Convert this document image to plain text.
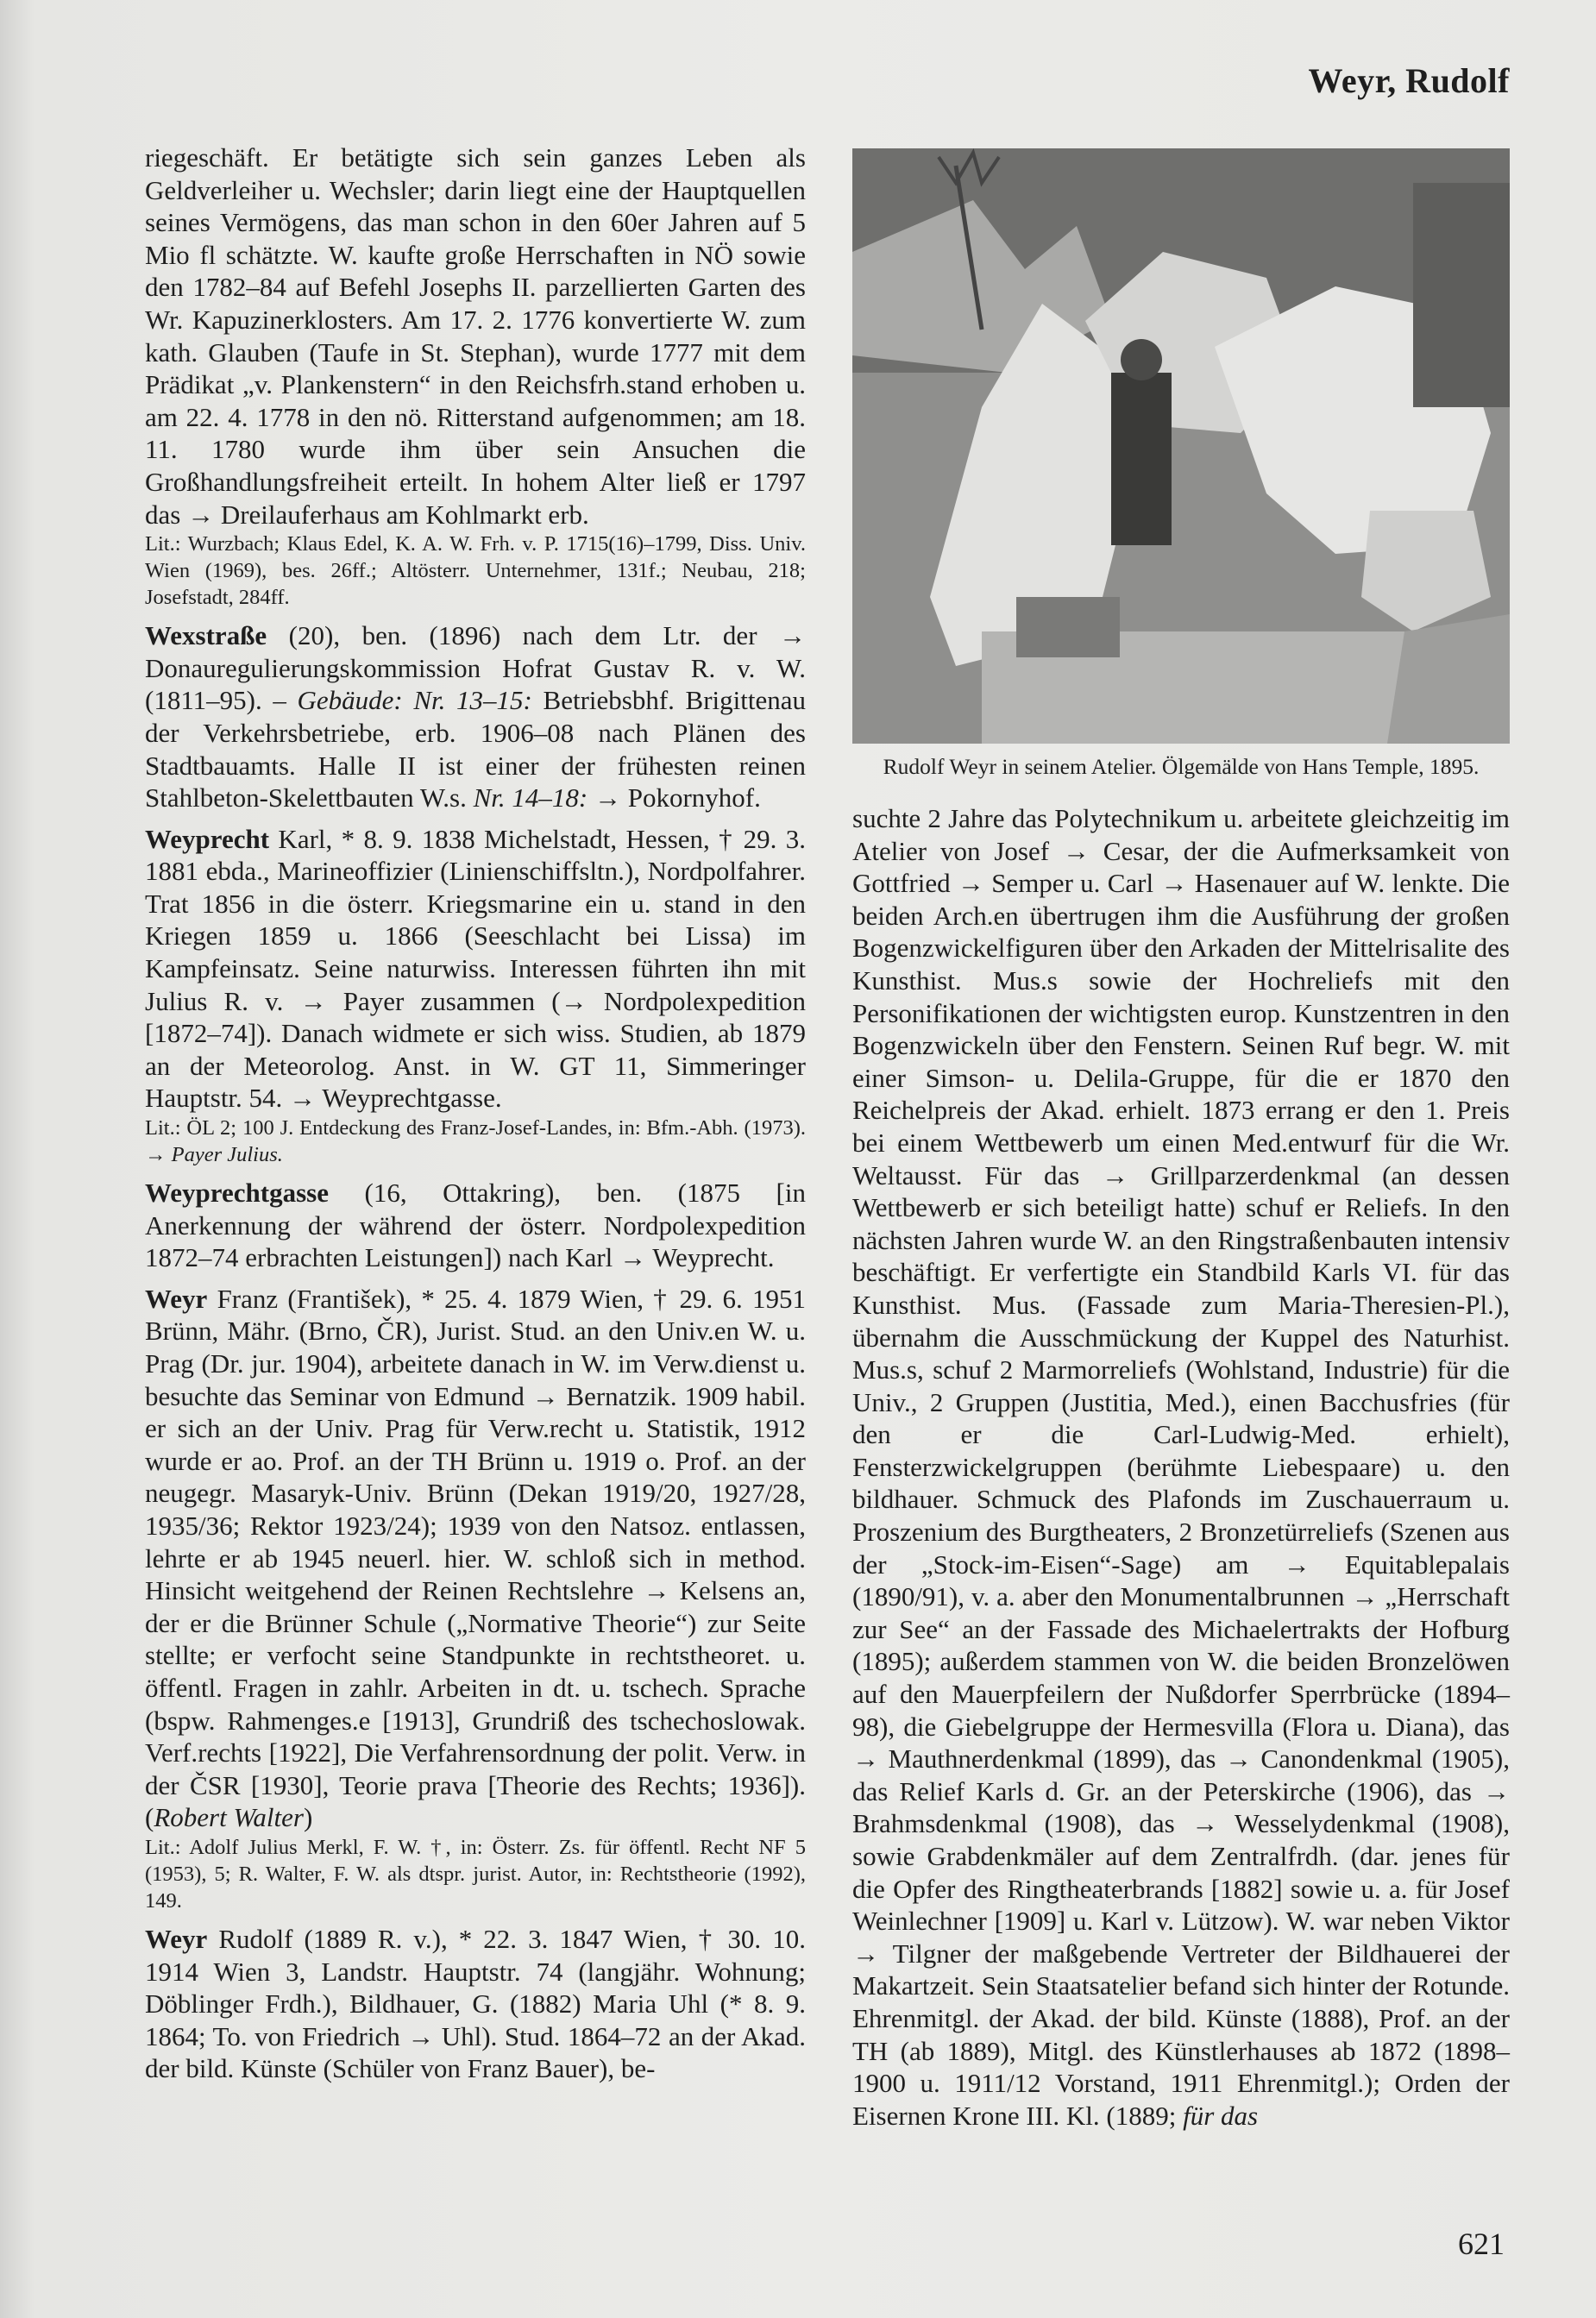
Weyr, Rudolf

riegeschäft. Er betätigte sich sein ganzes Leben als Geldverleiher u. Wechsler; darin liegt eine der Hauptquellen seines Vermögens, das man schon in den 60er Jahren auf 5 Mio fl schätzte. W. kaufte große Herrschaften in NÖ sowie den 1782–84 auf Befehl Josephs II. parzellierten Garten des Wr. Kapuzinerklosters. Am 17. 2. 1776 konvertierte W. zum kath. Glauben (Taufe in St. Stephan), wurde 1777 mit dem Prädikat „v. Plankenstern“ in den Reichsfrh.stand erhoben u. am 22. 4. 1778 in den nö. Ritterstand aufgenommen; am 18. 11. 1780 wurde ihm über sein Ansuchen die Großhandlungsfreiheit erteilt. In hohem Alter ließ er 1797 das → Dreilauferhaus am Kohlmarkt erb.

Lit.: Wurzbach; Klaus Edel, K. A. W. Frh. v. P. 1715(16)–1799, Diss. Univ. Wien (1969), bes. 26ff.; Altösterr. Unternehmer, 131f.; Neubau, 218; Josefstadt, 284ff.

Wexstraße (20), ben. (1896) nach dem Ltr. der → Donauregulierungskommission Hofrat Gustav R. v. W. (1811–95). – Gebäude: Nr. 13–15: Betriebsbhf. Brigittenau der Verkehrsbetriebe, erb. 1906–08 nach Plänen des Stadtbauamts. Halle II ist einer der frühesten reinen Stahlbeton-Skelettbauten W.s. Nr. 14–18: → Pokornyhof.

Weyprecht Karl, * 8. 9. 1838 Michelstadt, Hessen, † 29. 3. 1881 ebda., Marineoffizier (Linienschiffsltn.), Nordpolfahrer. Trat 1856 in die österr. Kriegsmarine ein u. stand in den Kriegen 1859 u. 1866 (Seeschlacht bei Lissa) im Kampfeinsatz. Seine naturwiss. Interessen führten ihn mit Julius R. v. → Payer zusammen (→ Nordpolexpedition [1872–74]). Danach widmete er sich wiss. Studien, ab 1879 an der Meteorolog. Anst. in W. GT 11, Simmeringer Hauptstr. 54. → Weyprechtgasse.

Lit.: ÖL 2; 100 J. Entdeckung des Franz-Josef-Landes, in: Bfm.-Abh. (1973). → Payer Julius.

Weyprechtgasse (16, Ottakring), ben. (1875 [in Anerkennung der während der österr. Nordpolexpedition 1872–74 erbrachten Leistungen]) nach Karl → Weyprecht.

Weyr Franz (František), * 25. 4. 1879 Wien, † 29. 6. 1951 Brünn, Mähr. (Brno, ČR), Jurist. Stud. an den Univ.en W. u. Prag (Dr. jur. 1904), arbeitete danach in W. im Verw.dienst u. besuchte das Seminar von Edmund → Bernatzik. 1909 habil. er sich an der Univ. Prag für Verw.recht u. Statistik, 1912 wurde er ao. Prof. an der TH Brünn u. 1919 o. Prof. an der neugegr. Masaryk-Univ. Brünn (Dekan 1919/20, 1927/28, 1935/36; Rektor 1923/24); 1939 von den Natsoz. entlassen, lehrte er ab 1945 neuerl. hier. W. schloß sich in method. Hinsicht weitgehend der Reinen Rechtslehre → Kelsens an, der er die Brünner Schule („Normative Theorie“) zur Seite stellte; er verfocht seine Standpunkte in rechtstheoret. u. öffentl. Fragen in zahlr. Arbeiten in dt. u. tschech. Sprache (bspw. Rahmenges.e [1913], Grundriß des tschechoslowak. Verf.rechts [1922], Die Verfahrensordnung der polit. Verw. in der ČSR [1930], Teorie prava [Theorie des Rechts; 1936]). (Robert Walter)

Lit.: Adolf Julius Merkl, F. W. †, in: Österr. Zs. für öffentl. Recht NF 5 (1953), 5; R. Walter, F. W. als dtspr. jurist. Autor, in: Rechtstheorie (1992), 149.

Weyr Rudolf (1889 R. v.), * 22. 3. 1847 Wien, † 30. 10. 1914 Wien 3, Landstr. Hauptstr. 74 (langjähr. Wohnung; Döblinger Frdh.), Bildhauer, G. (1882) Maria Uhl (* 8. 9. 1864; To. von Friedrich → Uhl). Stud. 1864–72 an der Akad. der bild. Künste (Schüler von Franz Bauer), be-

Rudolf Weyr in seinem Atelier. Ölgemälde von Hans Temple, 1895.

suchte 2 Jahre das Polytechnikum u. arbeitete gleichzeitig im Atelier von Josef → Cesar, der die Aufmerksamkeit von Gottfried → Semper u. Carl → Hasenauer auf W. lenkte. Die beiden Arch.en übertrugen ihm die Ausführung der großen Bogenzwickelfiguren über den Arkaden der Mittelrisalite des Kunsthist. Mus.s sowie der Hochreliefs mit den Personifikationen der wichtigsten europ. Kunstzentren in den Bogenzwickeln über den Fenstern. Seinen Ruf begr. W. mit einer Simson- u. Delila-Gruppe, für die er 1870 den Reichelpreis der Akad. erhielt. 1873 errang er den 1. Preis bei einem Wettbewerb um einen Med.entwurf für die Wr. Weltausst. Für das → Grillparzerdenkmal (an dessen Wettbewerb er sich beteiligt hatte) schuf er Reliefs. In den nächsten Jahren wurde W. an den Ringstraßenbauten intensiv beschäftigt. Er verfertigte ein Standbild Karls VI. für das Kunsthist. Mus. (Fassade zum Maria-Theresien-Pl.), übernahm die Ausschmückung der Kuppel des Naturhist. Mus.s, schuf 2 Marmorreliefs (Wohlstand, Industrie) für die Univ., 2 Gruppen (Justitia, Med.), einen Bacchusfries (für den er die Carl-Ludwig-Med. erhielt), Fensterzwickelgruppen (berühmte Liebespaare) u. den bildhauer. Schmuck des Plafonds im Zuschauerraum u. Proszenium des Burgtheaters, 2 Bronzetürreliefs (Szenen aus der „Stock-im-Eisen“-Sage) am → Equitablepalais (1890/91), v. a. aber den Monumentalbrunnen → „Herrschaft zur See“ an der Fassade des Michaelertrakts der Hofburg (1895); außerdem stammen von W. die beiden Bronzelöwen auf den Mauerpfeilern der Nußdorfer Sperrbrücke (1894–98), die Giebelgruppe der Hermesvilla (Flora u. Diana), das → Mauthnerdenkmal (1899), das → Canondenkmal (1905), das Relief Karls d. Gr. an der Peterskirche (1906), das → Brahmsdenkmal (1908), das → Wesselydenkmal (1908), sowie Grabdenkmäler auf dem Zentralfrdh. (dar. jenes für die Opfer des Ringtheaterbrands [1882] sowie u. a. für Josef Weinlechner [1909] u. Karl v. Lützow). W. war neben Viktor → Tilgner der maßgebende Vertreter der Bildhauerei der Makartzeit. Sein Staatsatelier befand sich hinter der Rotunde. Ehrenmitgl. der Akad. der bild. Künste (1888), Prof. an der TH (ab 1889), Mitgl. des Künstlerhauses ab 1872 (1898–1900 u. 1911/12 Vorstand, 1911 Ehrenmitgl.); Orden der Eisernen Krone III. Kl. (1889; für das

621
